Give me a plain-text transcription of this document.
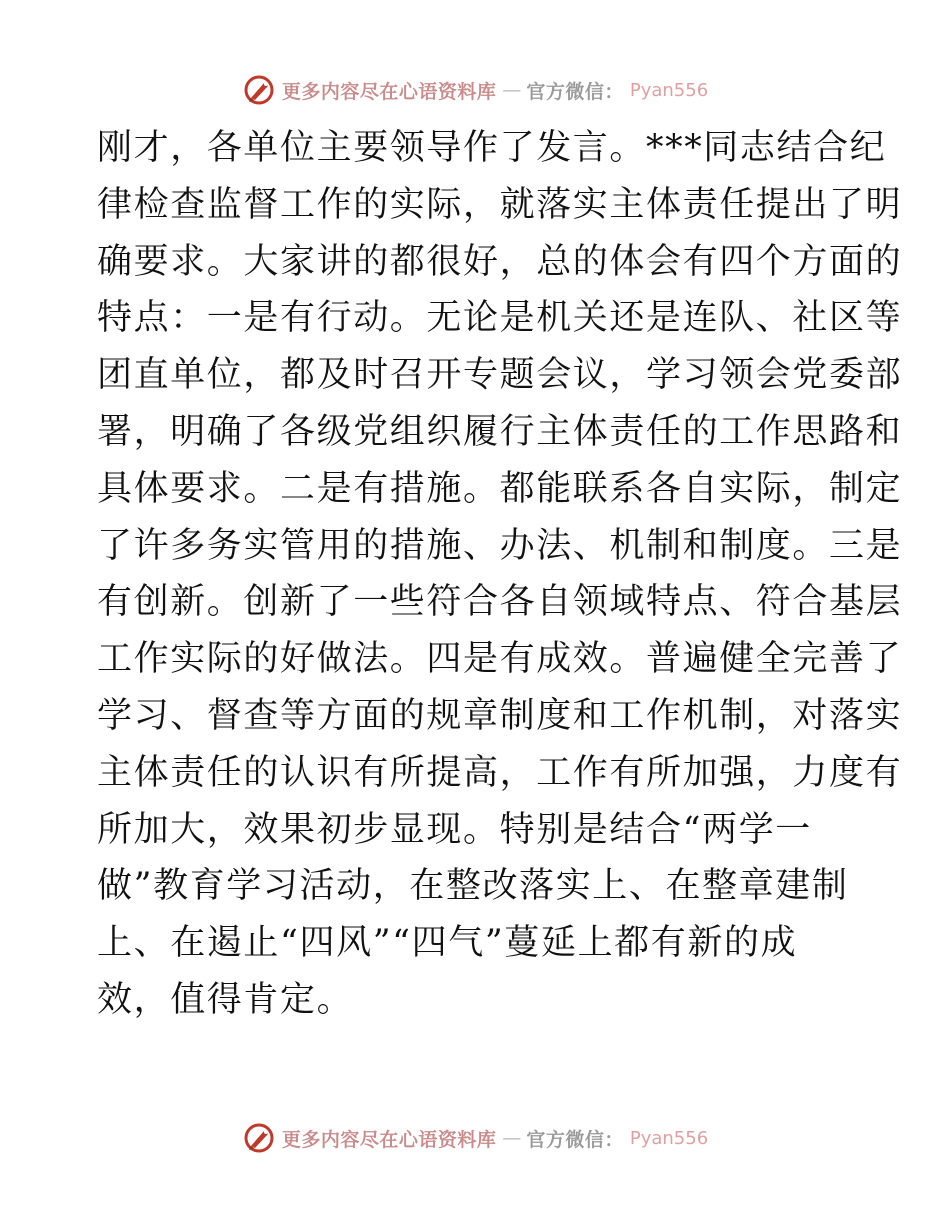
更多内容尽在心语资料库 — 官方微信： Pyan556
刚才，各单位主要领导作了发言。***同志结合纪
律检查监督工作的实际，就落实主体责任提出了明
确要求。大家讲的都很好，总的体会有四个方面的
特点：一是有行动。无论是机关还是连队、社区等
团直单位，都及时召开专题会议，学习领会党委部
署，明确了各级党组织履行主体责任的工作思路和
具体要求。二是有措施。都能联系各自实际，制定
了许多务实管用的措施、办法、机制和制度。三是
有创新。创新了一些符合各自领域特点、符合基层
工作实际的好做法。四是有成效。普遍健全完善了
学习、督查等方面的规章制度和工作机制，对落实
主体责任的认识有所提高，工作有所加强，力度有
所加大，效果初步显现。特别是结合“两学一
做”教育学习活动，在整改落实上、在整章建制
上、在遏止“四风”“四气”蔓延上都有新的成
效，值得肯定。
更多内容尽在心语资料库 — 官方微信： Pyan556
